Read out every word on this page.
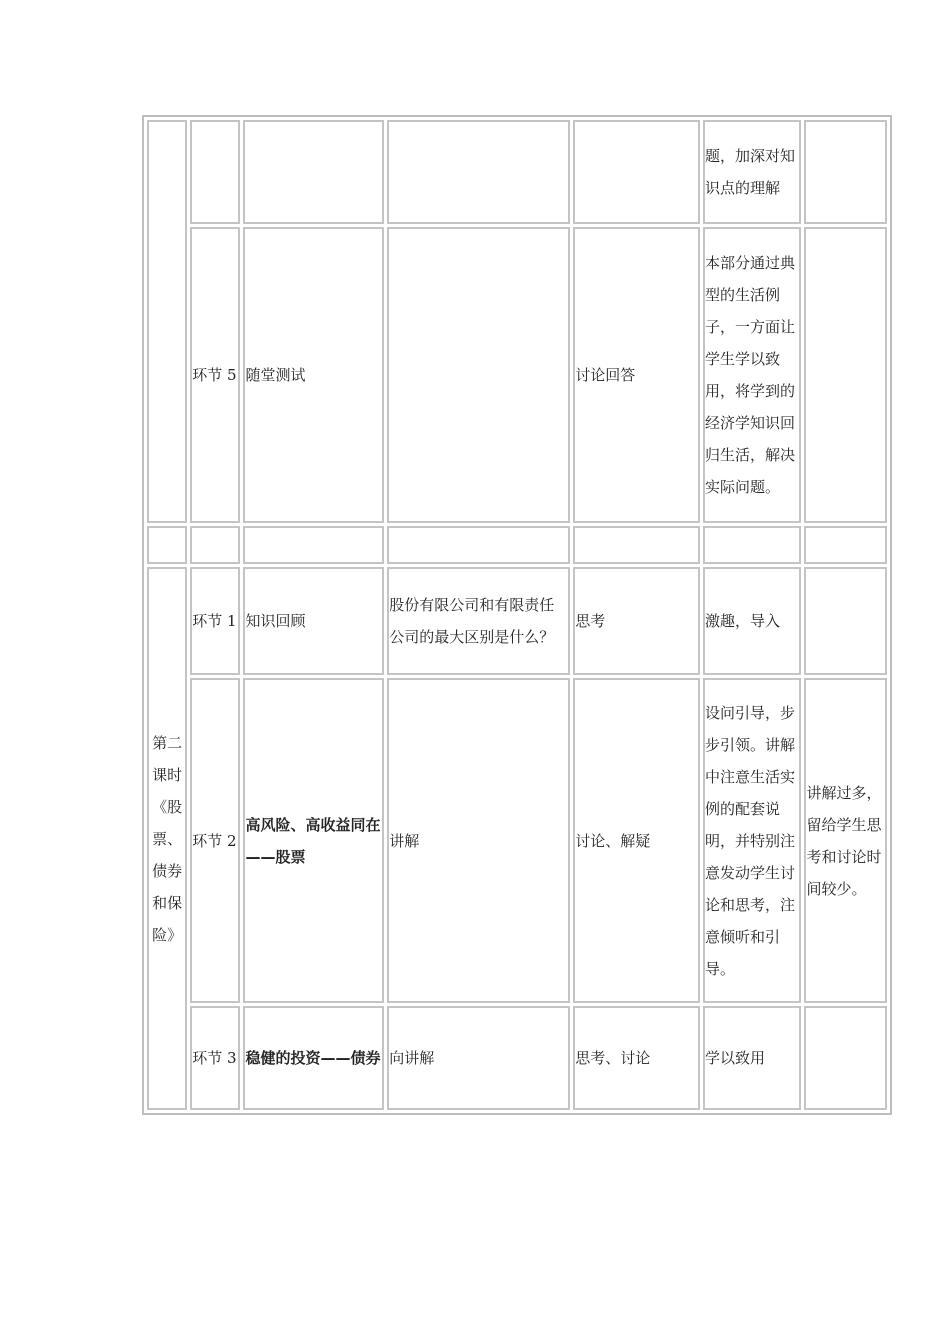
					题，加深对知识点的理解	
	环节 5	随堂测试		讨论回答	本部分通过典型的生活例子，一方面让学生学以致用，将学到的经济学知识回归生活，解决实际问题。	

第二课时《股票、债券和保险》	环节 1	知识回顾	股份有限公司和有限责任公司的最大区别是什么？	思考	激趣，导入	
	环节 2	高风险、高收益同在——股票	讲解	讨论、解疑	设问引导，步步引领。讲解中注意生活实例的配套说明，并特别注意发动学生讨论和思考，注意倾听和引导。	讲解过多，留给学生思考和讨论时间较少。
	环节 3	稳健的投资——债券	向讲解	思考、讨论	学以致用	
